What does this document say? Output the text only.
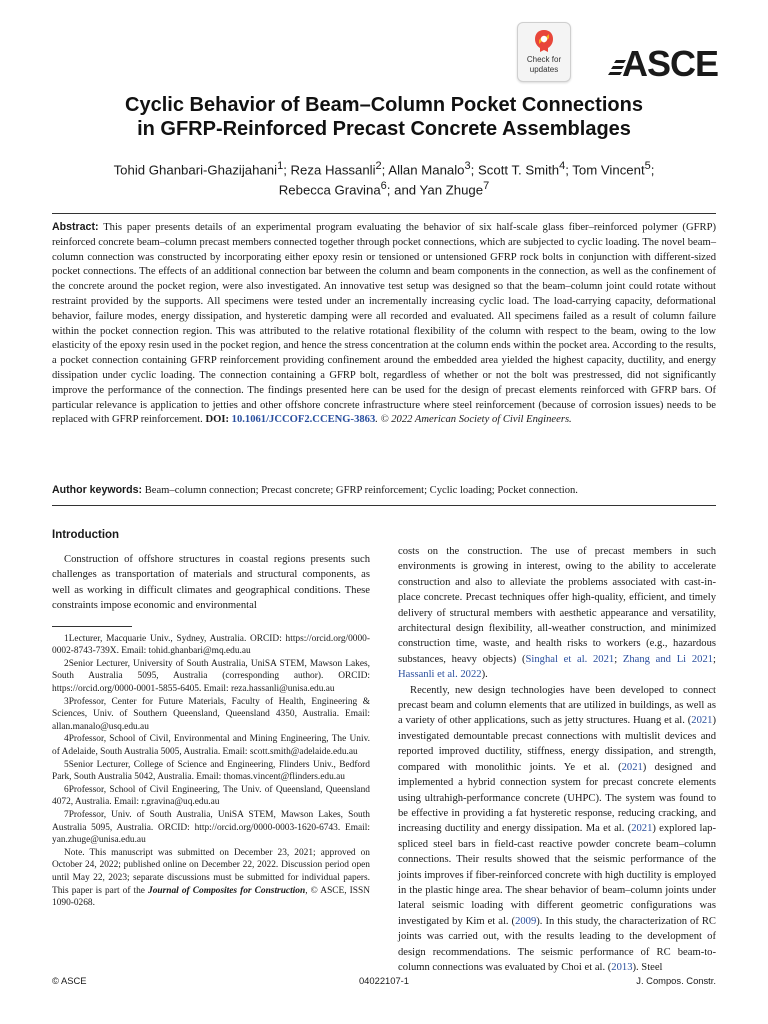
Check for
updates	ASCE
Cyclic Behavior of Beam–Column Pocket Connections
in GFRP-Reinforced Precast Concrete Assemblages
Tohid Ghanbari-Ghazijahani$^1$; Reza Hassanli$^2$; Allan Manalo$^3$; Scott T. Smith$^4$; Tom Vincent$^5$;
Rebecca Gravina$^6$; and Yan Zhuge$^7$
Abstract: This paper presents details of an experimental program evaluating the behavior of six half-scale glass fiber–reinforced polymer (GFRP) reinforced concrete beam–column precast members connected together through pocket connections, which are subjected to cyclic loading. The novel beam–column connection was constructed by incorporating either epoxy resin or tensioned or untensioned GFRP rock bolts in conjunction with different-sized pocket connections. The effects of an additional connection bar between the column and beam components in the connection, as well as the confinement of the concrete around the pocket region, were also investigated. An innovative test setup was designed so that the beam–column joint could rotate without restraint provided by the supports. All specimens were tested under an incrementally increasing cyclic load. The load-carrying capacity, deformational behavior, failure modes, energy dissipation, and hysteretic damping were all recorded and evaluated. All specimens failed as a result of column failure within the pocket connection region. This was attributed to the relative rotational flexibility of the column with respect to the beam, owing to the low elasticity of the epoxy resin used in the pocket region, and hence the stress concentration at the column ends within the pocket area. According to the results, a pocket connection containing GFRP reinforcement providing confinement around the embedded area yielded the highest capacity, ductility, and energy dissipation under cyclic loading. The connection containing a GFRP bolt, regardless of whether or not the bolt was prestressed, did not significantly improve the performance of the connection. The findings presented here can be used for the design of precast elements reinforced with GFRP bars. Of particular relevance is application to jetties and other offshore concrete infrastructure where steel reinforcement (because of corrosion issues) needs to be replaced with GFRP reinforcement. DOI: 10.1061/JCCOF2.CCENG-3863. © 2022 American Society of Civil Engineers.
Author keywords: Beam–column connection; Precast concrete; GFRP reinforcement; Cyclic loading; Pocket connection.
Introduction

Construction of offshore structures in coastal regions presents such challenges as transportation of materials and structural components, as well as working in difficult climates and geographical conditions. These constraints impose economic and environmental

1Lecturer, Macquarie Univ., Sydney, Australia. ORCID: https://orcid.org/0000-0002-8743-739X. Email: tohid.ghanbari@mq.edu.au

2Senior Lecturer, University of South Australia, UniSA STEM, Mawson Lakes, South Australia 5095, Australia (corresponding author). ORCID: https://orcid.org/0000-0001-5855-6405. Email: reza.hassanli@unisa.edu.au

3Professor, Center for Future Materials, Faculty of Health, Engineering & Sciences, Univ. of Southern Queensland, Queensland 4350, Australia. Email: allan.manalo@usq.edu.au

4Professor, School of Civil, Environmental and Mining Engineering, The Univ. of Adelaide, South Australia 5005, Australia. Email: scott.smith@adelaide.edu.au

5Senior Lecturer, College of Science and Engineering, Flinders Univ., Bedford Park, South Australia 5042, Australia. Email: thomas.vincent@flinders.edu.au

6Professor, School of Civil Engineering, The Univ. of Queensland, Queensland 4072, Australia. Email: r.gravina@uq.edu.au

7Professor, Univ. of South Australia, UniSA STEM, Mawson Lakes, South Australia 5095, Australia. ORCID: http://orcid.org/0000-0003-1620-6743. Email: yan.zhuge@unisa.edu.au

Note. This manuscript was submitted on December 23, 2021; approved on October 24, 2022; published online on December 22, 2022. Discussion period open until May 22, 2023; separate discussions must be submitted for individual papers. This paper is part of the Journal of Composites for Construction, © ASCE, ISSN 1090-0268.

costs on the construction. The use of precast members in such environments is growing in interest, owing to the ability to accelerate construction and also to alleviate the problems associated with cast-in-place concrete. Precast techniques offer high-quality, efficient, and timely delivery of structural members with aesthetic appearance and versatility, architectural design flexibility, all-weather construction, and minimized construction time, waste, and health risks to workers (e.g., hazardous substances, heavy objects) (Singhal et al. 2021; Zhang and Li 2021; Hassanli et al. 2022).

Recently, new design technologies have been developed to connect precast beam and column elements that are utilized in buildings, as well as a variety of other applications, such as jetty structures. Huang et al. (2021) investigated demountable precast connections with multislit devices and reported improved ductility, stiffness, energy dissipation, and strength, compared with monolithic joints. Ye et al. (2021) designed and implemented a hybrid connection system for precast concrete elements using ultrahigh-performance concrete (UHPC). The system was found to be effective in providing a fat hysteretic response, reducing cracking, and increasing ductility and energy dissipation. Ma et al. (2021) explored lap-spliced steel bars in field-cast reactive powder concrete beam–column connections. Their results showed that the seismic performance of the joints improves if fiber-reinforced concrete with high ductility is employed in the plastic hinge area. The shear behavior of beam–column joints under lateral seismic loading with different geometric configurations was investigated by Kim et al. (2009). In this study, the characterization of RC joints was carried out, with the results leading to the development of design recommendations. The seismic performance of RC beam-to-column connections was evaluated by Choi et al. (2013). Steel

© ASCE	04022107-1	J. Compos. Constr.
